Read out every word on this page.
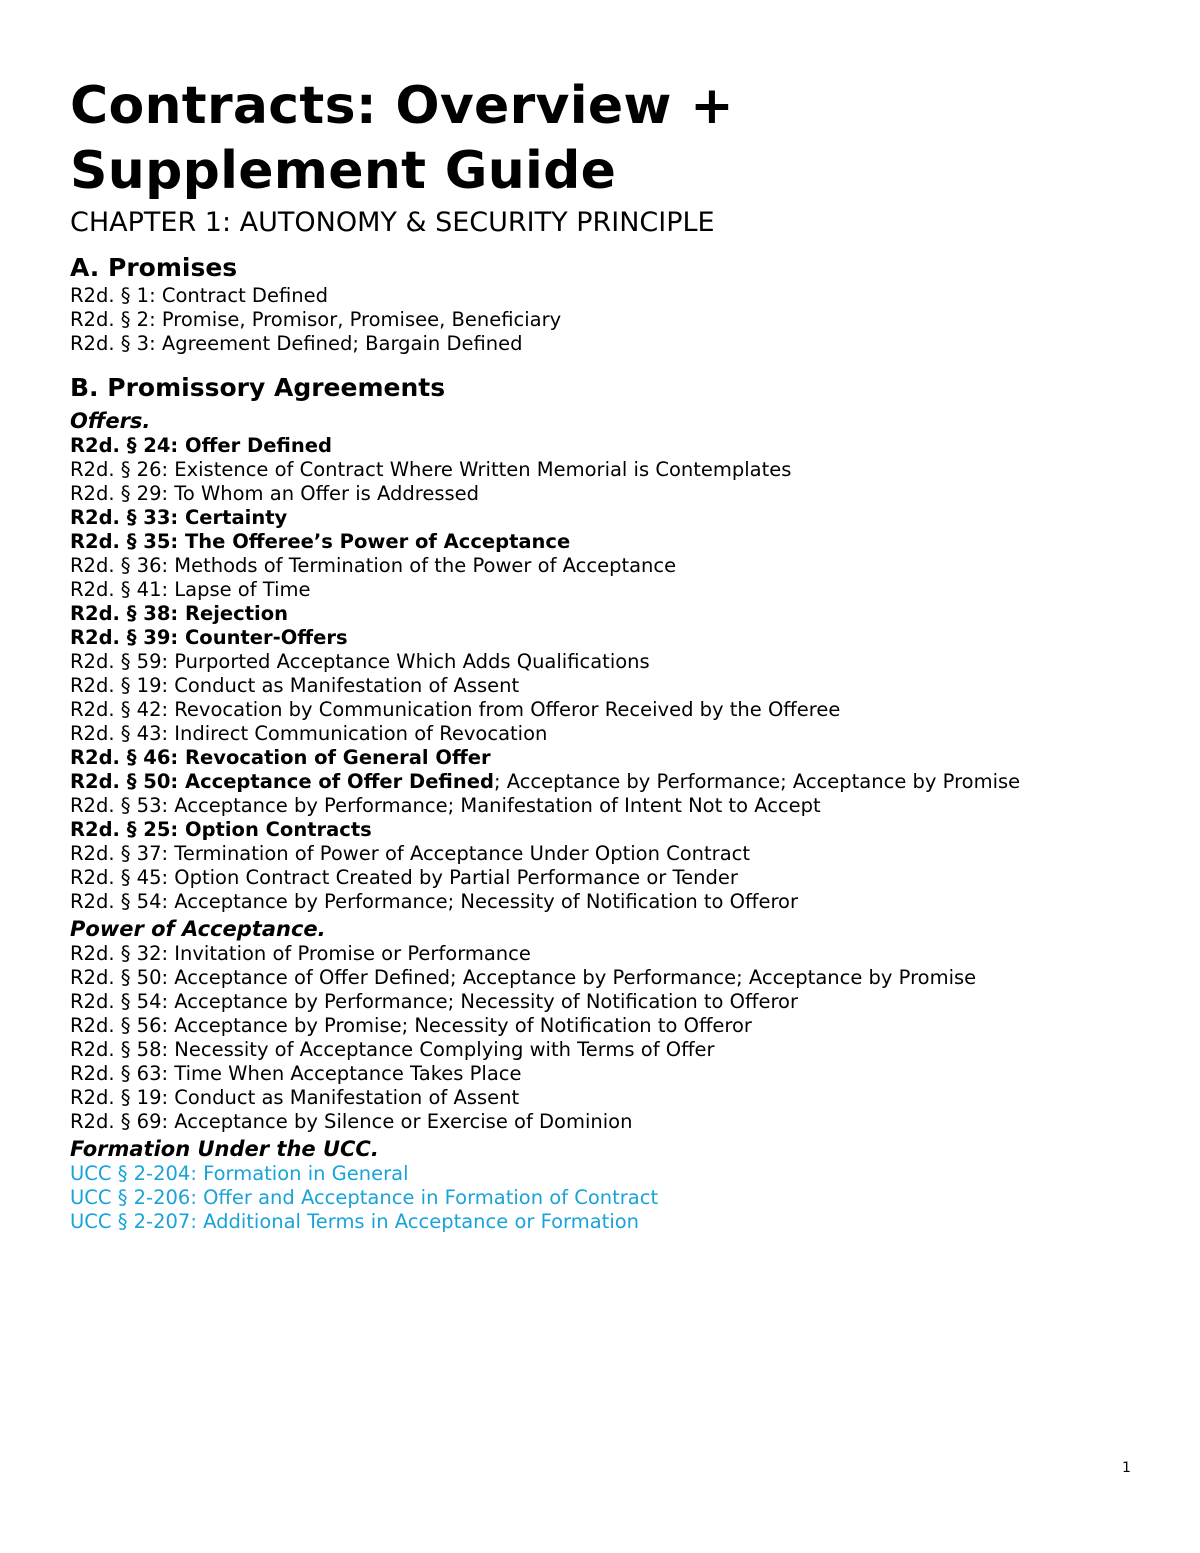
Contracts: Overview +
Supplement Guide
CHAPTER 1: AUTONOMY & SECURITY PRINCIPLE
A. Promises
R2d. § 1: Contract Defined
R2d. § 2: Promise, Promisor, Promisee, Beneficiary
R2d. § 3: Agreement Defined; Bargain Defined
B. Promissory Agreements
Offers.
R2d. § 24: Offer Defined
R2d. § 26: Existence of Contract Where Written Memorial is Contemplates
R2d. § 29: To Whom an Offer is Addressed
R2d. § 33: Certainty
R2d. § 35: The Offeree’s Power of Acceptance
R2d. § 36: Methods of Termination of the Power of Acceptance
R2d. § 41: Lapse of Time
R2d. § 38: Rejection
R2d. § 39: Counter-Offers
R2d. § 59: Purported Acceptance Which Adds Qualifications
R2d. § 19: Conduct as Manifestation of Assent
R2d. § 42: Revocation by Communication from Offeror Received by the Offeree
R2d. § 43: Indirect Communication of Revocation
R2d. § 46: Revocation of General Offer
R2d. § 50: Acceptance of Offer Defined; Acceptance by Performance; Acceptance by Promise
R2d. § 53: Acceptance by Performance; Manifestation of Intent Not to Accept
R2d. § 25: Option Contracts
R2d. § 37: Termination of Power of Acceptance Under Option Contract
R2d. § 45: Option Contract Created by Partial Performance or Tender
R2d. § 54: Acceptance by Performance; Necessity of Notification to Offeror
Power of Acceptance.
R2d. § 32: Invitation of Promise or Performance
R2d. § 50: Acceptance of Offer Defined; Acceptance by Performance; Acceptance by Promise
R2d. § 54: Acceptance by Performance; Necessity of Notification to Offeror
R2d. § 56: Acceptance by Promise; Necessity of Notification to Offeror
R2d. § 58: Necessity of Acceptance Complying with Terms of Offer
R2d. § 63: Time When Acceptance Takes Place
R2d. § 19: Conduct as Manifestation of Assent
R2d. § 69: Acceptance by Silence or Exercise of Dominion
Formation Under the UCC.
UCC § 2-204: Formation in General
UCC § 2-206: Offer and Acceptance in Formation of Contract
UCC § 2-207: Additional Terms in Acceptance or Formation
1
